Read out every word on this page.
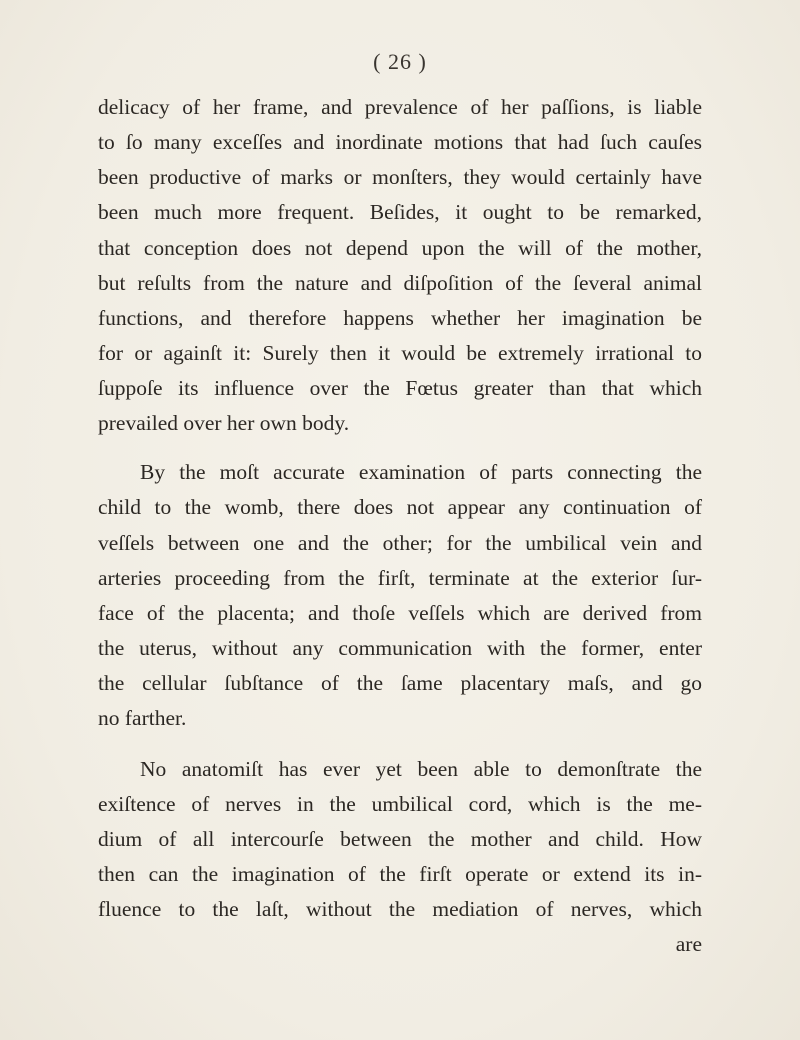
( 26 )
delicacy of her frame, and prevalence of her paſſions, is liable
to ſo many exceſſes and inordinate motions that had ſuch cauſes
been productive of marks or monſters, they would certainly have
been much more frequent. Beſides, it ought to be remarked,
that conception does not depend upon the will of the mother,
but reſults from the nature and diſpoſition of the ſeveral animal
functions, and therefore happens whether her imagination be
for or againſt it: Surely then it would be extremely irrational to
ſuppoſe its influence over the Fœtus greater than that which
prevailed over her own body.
By the moſt accurate examination of parts connecting the
child to the womb, there does not appear any continuation of
veſſels between one and the other; for the umbilical vein and
arteries proceeding from the firſt, terminate at the exterior ſur-
face of the placenta; and thoſe veſſels which are derived from
the uterus, without any communication with the former, enter
the cellular ſubſtance of the ſame placentary maſs, and go
no farther.
No anatomiſt has ever yet been able to demonſtrate the
exiſtence of nerves in the umbilical cord, which is the me-
dium of all intercourſe between the mother and child. How
then can the imagination of the firſt operate or extend its in-
fluence to the laſt, without the mediation of nerves, which
are
